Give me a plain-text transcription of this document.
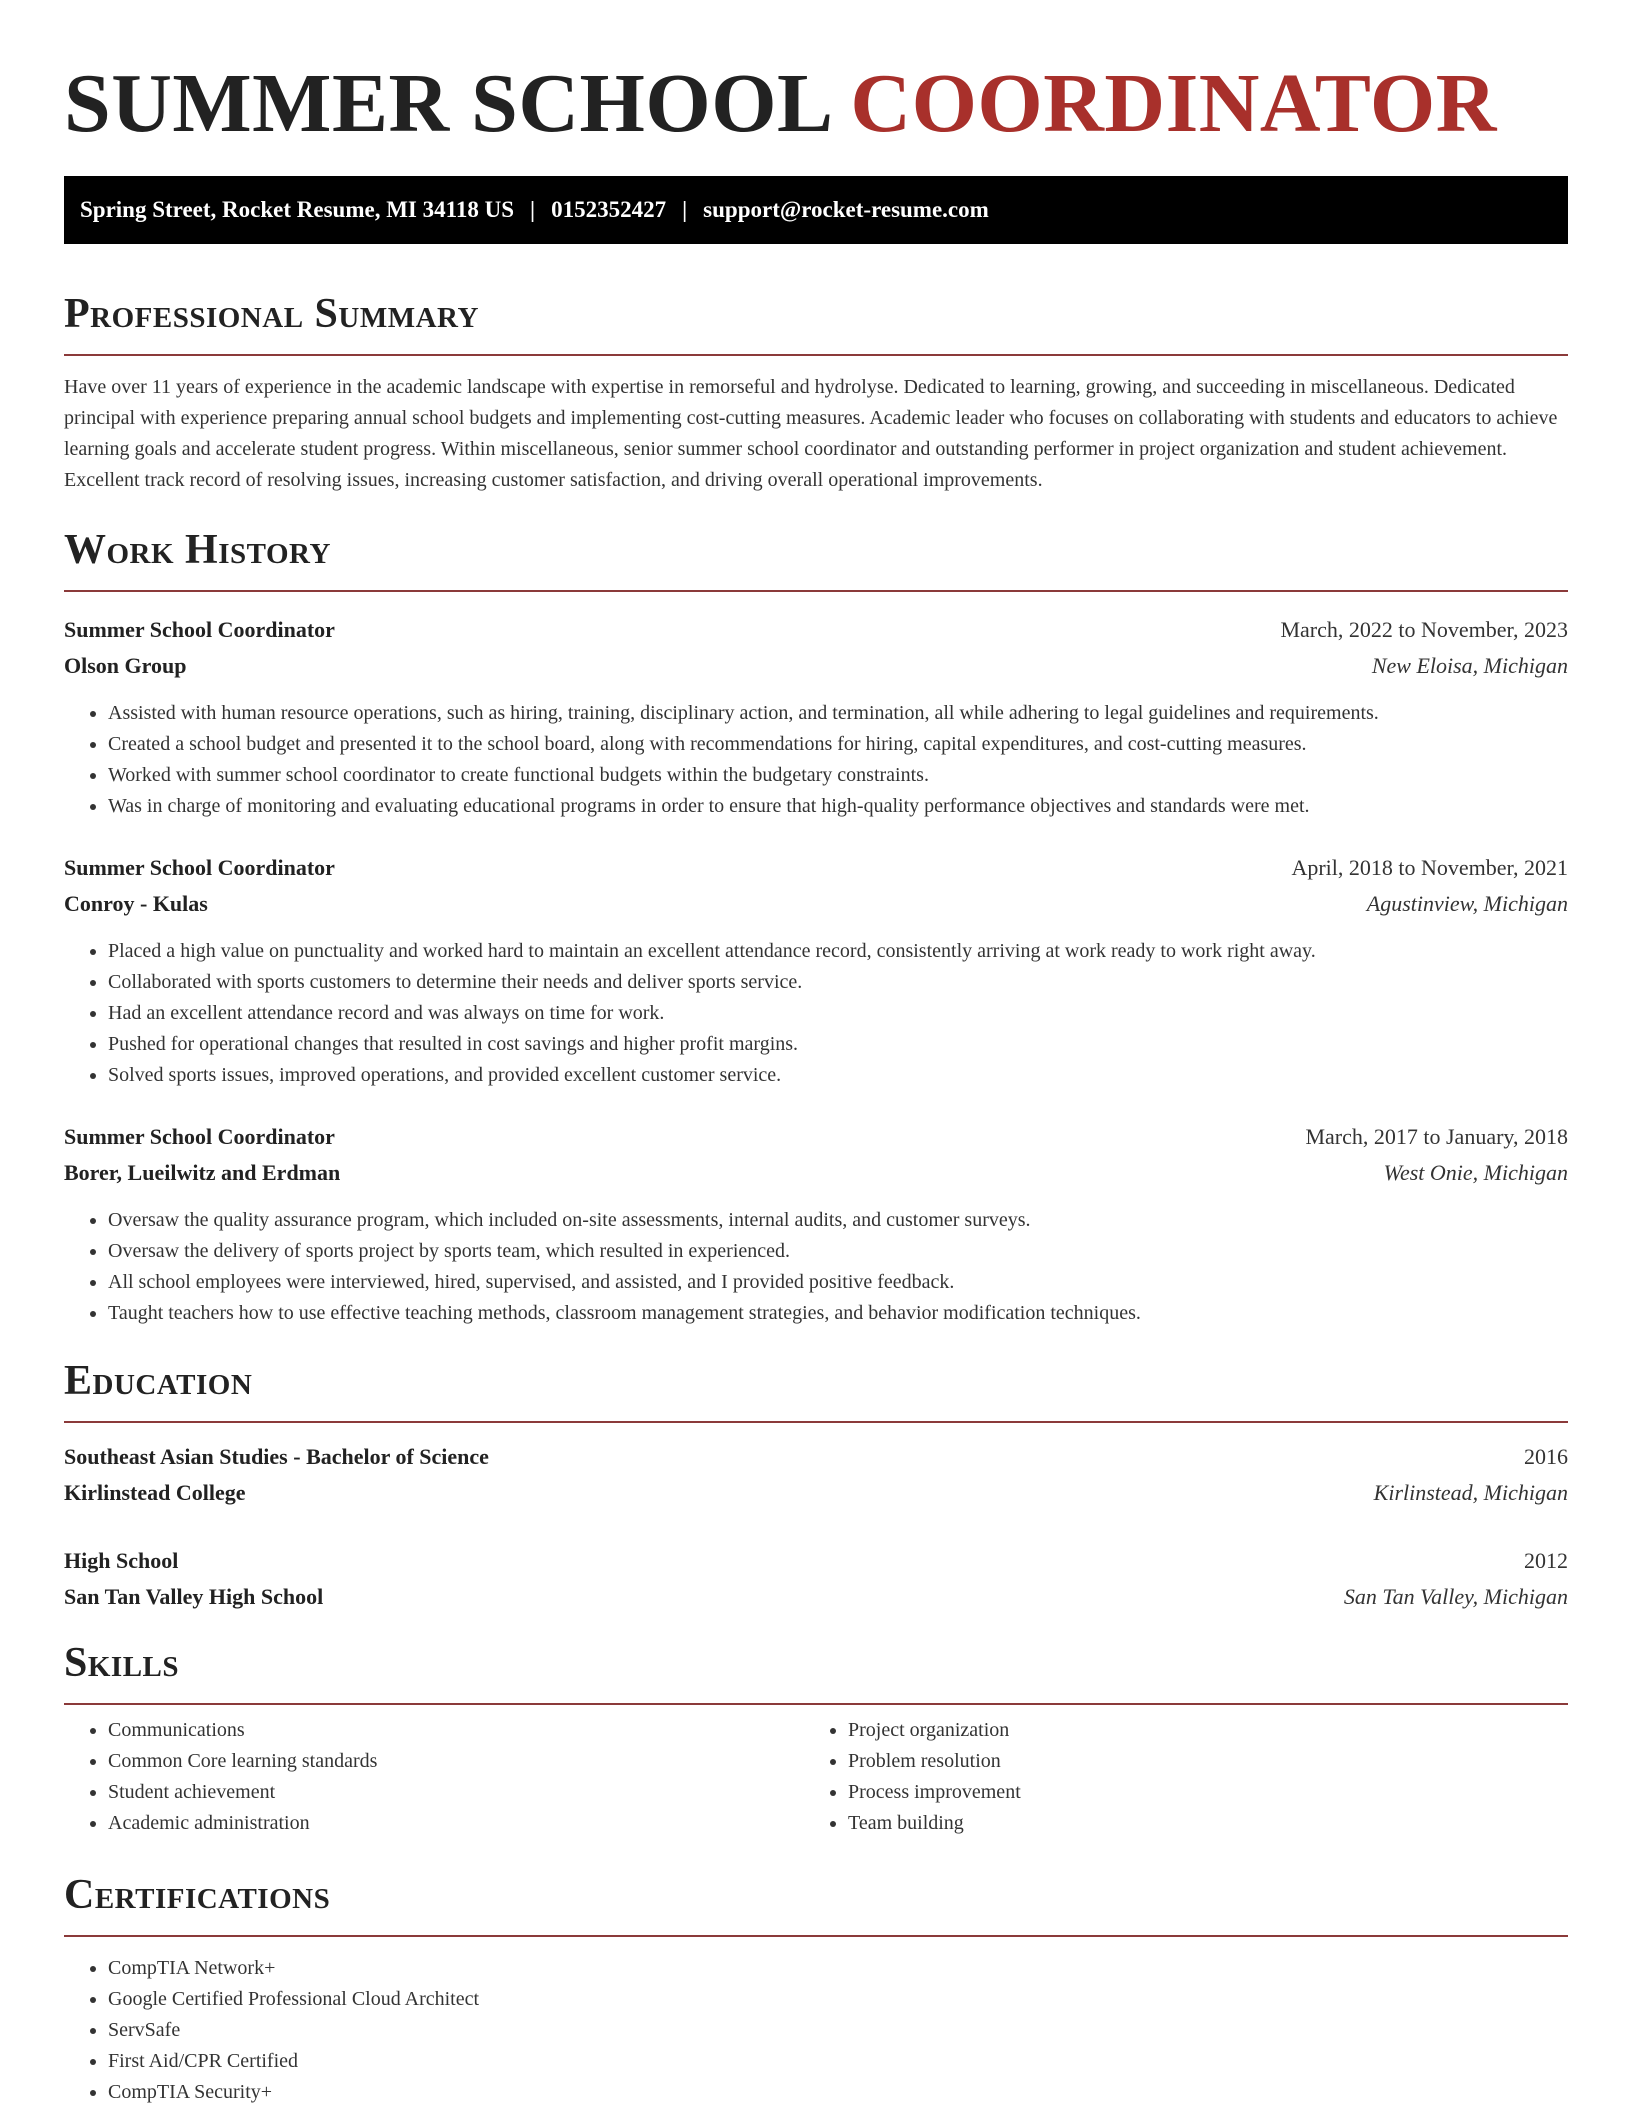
SUMMER SCHOOL COORDINATOR
Spring Street, Rocket Resume, MI 34118 US | 0152352427 | support@rocket-resume.com
Professional Summary
Have over 11 years of experience in the academic landscape with expertise in remorseful and hydrolyse. Dedicated to learning, growing, and succeeding in miscellaneous. Dedicated principal with experience preparing annual school budgets and implementing cost-cutting measures. Academic leader who focuses on collaborating with students and educators to achieve learning goals and accelerate student progress. Within miscellaneous, senior summer school coordinator and outstanding performer in project organization and student achievement. Excellent track record of resolving issues, increasing customer satisfaction, and driving overall operational improvements.
Work History
Summer School Coordinator	March, 2022 to November, 2023
Olson Group	New Eloisa, Michigan
• Assisted with human resource operations, such as hiring, training, disciplinary action, and termination, all while adhering to legal guidelines and requirements.
• Created a school budget and presented it to the school board, along with recommendations for hiring, capital expenditures, and cost-cutting measures.
• Worked with summer school coordinator to create functional budgets within the budgetary constraints.
• Was in charge of monitoring and evaluating educational programs in order to ensure that high-quality performance objectives and standards were met.
Summer School Coordinator	April, 2018 to November, 2021
Conroy - Kulas	Agustinview, Michigan
• Placed a high value on punctuality and worked hard to maintain an excellent attendance record, consistently arriving at work ready to work right away.
• Collaborated with sports customers to determine their needs and deliver sports service.
• Had an excellent attendance record and was always on time for work.
• Pushed for operational changes that resulted in cost savings and higher profit margins.
• Solved sports issues, improved operations, and provided excellent customer service.
Summer School Coordinator	March, 2017 to January, 2018
Borer, Lueilwitz and Erdman	West Onie, Michigan
• Oversaw the quality assurance program, which included on-site assessments, internal audits, and customer surveys.
• Oversaw the delivery of sports project by sports team, which resulted in experienced.
• All school employees were interviewed, hired, supervised, and assisted, and I provided positive feedback.
• Taught teachers how to use effective teaching methods, classroom management strategies, and behavior modification techniques.
Education
Southeast Asian Studies - Bachelor of Science	2016
Kirlinstead College	Kirlinstead, Michigan
High School	2012
San Tan Valley High School	San Tan Valley, Michigan
Skills
• Communications
• Common Core learning standards
• Student achievement
• Academic administration
• Project organization
• Problem resolution
• Process improvement
• Team building
Certifications
• CompTIA Network+
• Google Certified Professional Cloud Architect
• ServSafe
• First Aid/CPR Certified
• CompTIA Security+
